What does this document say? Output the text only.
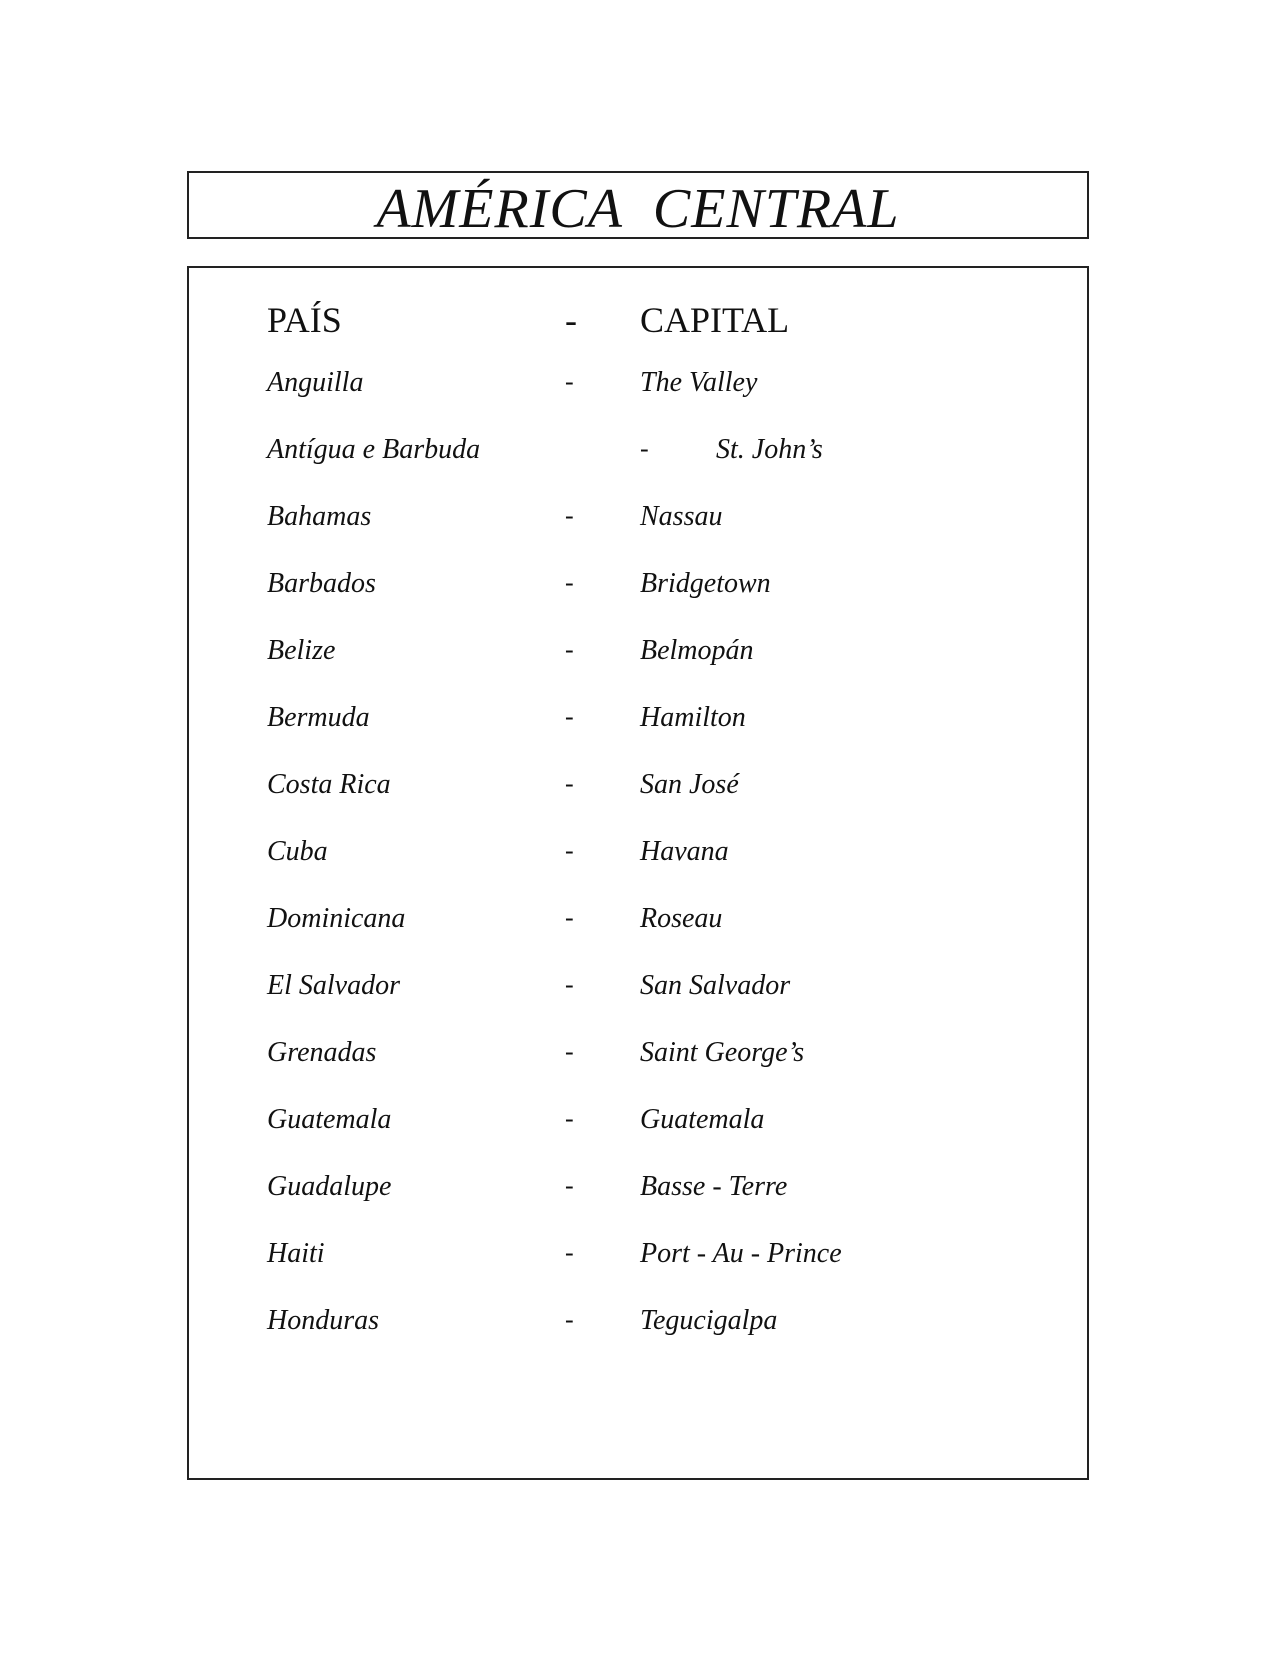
AMÉRICA CENTRAL
PAÍS	- CAPITAL
Anguilla	- The Valley
Antígua e Barbuda	- St. John’s
Bahamas	- Nassau
Barbados	- Bridgetown
Belize	- Belmopán
Bermuda	- Hamilton
Costa Rica	- San José
Cuba	- Havana
Dominicana	- Roseau
El Salvador	- San Salvador
Grenadas	- Saint George’s
Guatemala	- Guatemala
Guadalupe	- Basse - Terre
Haiti	- Port - Au - Prince
Honduras	- Tegucigalpa
